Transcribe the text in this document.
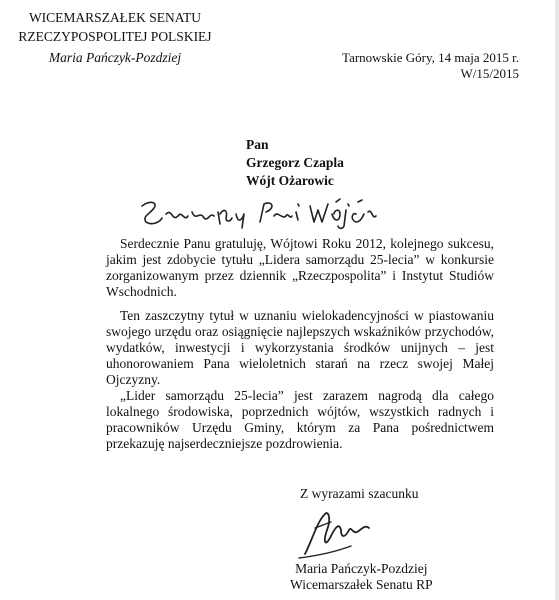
WICEMARSZAŁEK SENATU
RZECZYPOSPOLITEJ POLSKIEJ
Maria Pańczyk-Pozdziej	Tarnowskie Góry, 14 maja 2015 r.
W/15/2015
Pan
Grzegorz Czapla
Wójt Ożarowic
Serdecznie Panu gratuluję, Wójtowi Roku 2012, kolejnego sukcesu, jakim jest zdobycie tytułu „Lidera samorządu 25-lecia” w konkursie zorganizowanym przez dziennik „Rzeczpospolita” i Instytut Studiów Wschodnich.
Ten zaszczytny tytuł w uznaniu wielokadencyjności w piastowaniu swojego urzędu oraz osiągnięcie najlepszych wskaźników przychodów, wydatków, inwestycji i wykorzystania środków unijnych – jest uhonorowaniem Pana wieloletnich starań na rzecz swojej Małej Ojczyzny.
„Lider samorządu 25-lecia” jest zarazem nagrodą dla całego lokalnego środowiska, poprzednich wójtów, wszystkich radnych i pracowników Urzędu Gminy, którym za Pana pośrednictwem przekazuję najserdeczniejsze pozdrowienia.
Z wyrazami szacunku
Maria Pańczyk-Pozdziej
Wicemarszałek Senatu RP
